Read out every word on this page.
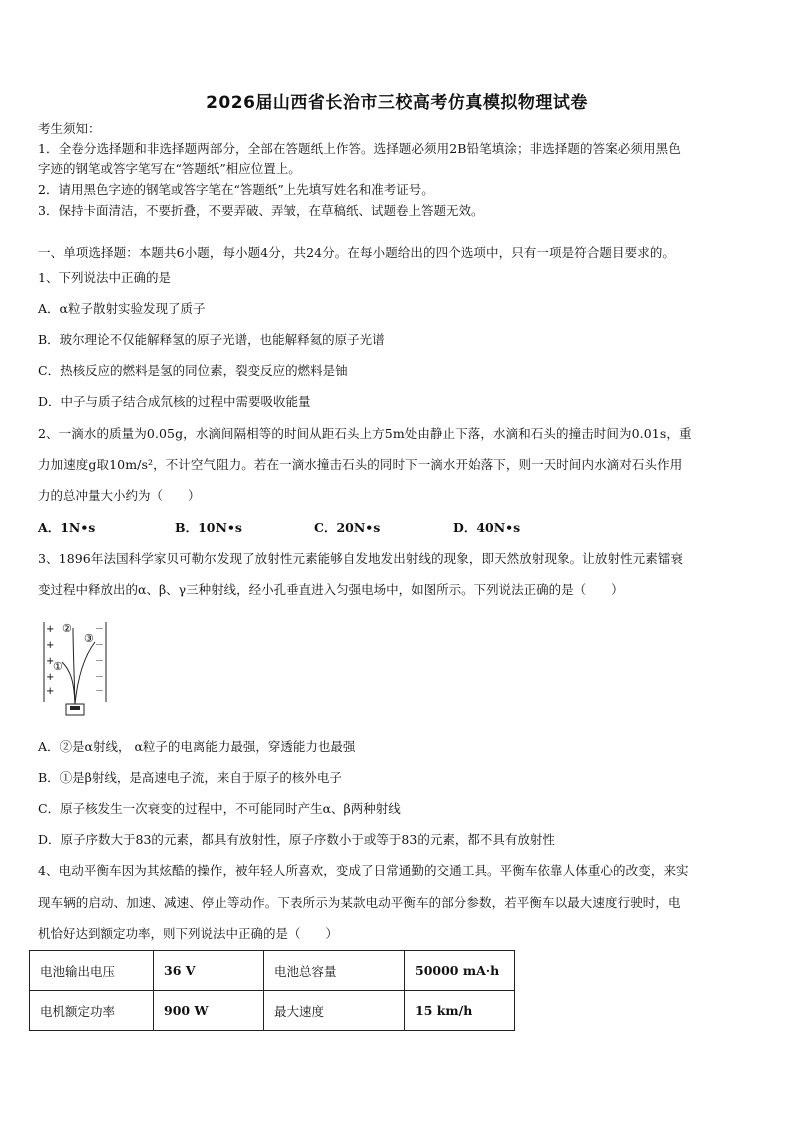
2026届山西省长治市三校高考仿真模拟物理试卷
考生须知：
1．全卷分选择题和非选择题两部分，全部在答题纸上作答。选择题必须用2B铅笔填涂；非选择题的答案必须用黑色
字迹的钢笔或答字笔写在“答题纸”相应位置上。
2．请用黑色字迹的钢笔或答字笔在“答题纸”上先填写姓名和准考证号。
3．保持卡面清洁，不要折叠，不要弄破、弄皱，在草稿纸、试题卷上答题无效。
一、单项选择题：本题共6小题，每小题4分，共24分。在每小题给出的四个选项中，只有一项是符合题目要求的。
1、下列说法中正确的是
A．α粒子散射实验发现了质子
B．玻尔理论不仅能解释氢的原子光谱，也能解释氦的原子光谱
C．热核反应的燃料是氢的同位素，裂变反应的燃料是铀
D．中子与质子结合成氘核的过程中需要吸收能量
2、一滴水的质量为0.05g，水滴间隔相等的时间从距石头上方5m处由静止下落，水滴和石头的撞击时间为0.01s，重
力加速度g取10m/s²，不计空气阻力。若在一滴水撞击石头的同时下一滴水开始落下，则一天时间内水滴对石头作用
力的总冲量大小约为（　　）
A．1N•s	B．10N•s	C．20N•s	D．40N•s
3、1896年法国科学家贝可勒尔发现了放射性元素能够自发地发出射线的现象，即天然放射现象。让放射性元素镭衰
变过程中释放出的α、β、γ三种射线，经小孔垂直进入匀强电场中，如图所示。下列说法正确的是（　　）
+
+
+
+
+
－
－
－
－
－
①
②
③
A．②是α射线， α粒子的电离能力最强，穿透能力也最强
B．①是β射线，是高速电子流，来自于原子的核外电子
C．原子核发生一次衰变的过程中，不可能同时产生α、β两种射线
D．原子序数大于83的元素，都具有放射性，原子序数小于或等于83的元素，都不具有放射性
4、电动平衡车因为其炫酷的操作，被年轻人所喜欢，变成了日常通勤的交通工具。平衡车依靠人体重心的改变，来实
现车辆的启动、加速、减速、停止等动作。下表所示为某款电动平衡车的部分参数，若平衡车以最大速度行驶时，电
机恰好达到额定功率，则下列说法中正确的是（　　）
电池输出电压	36 V	电池总容量	50000 mA·h
电机额定功率	900 W	最大速度	15 km/h
